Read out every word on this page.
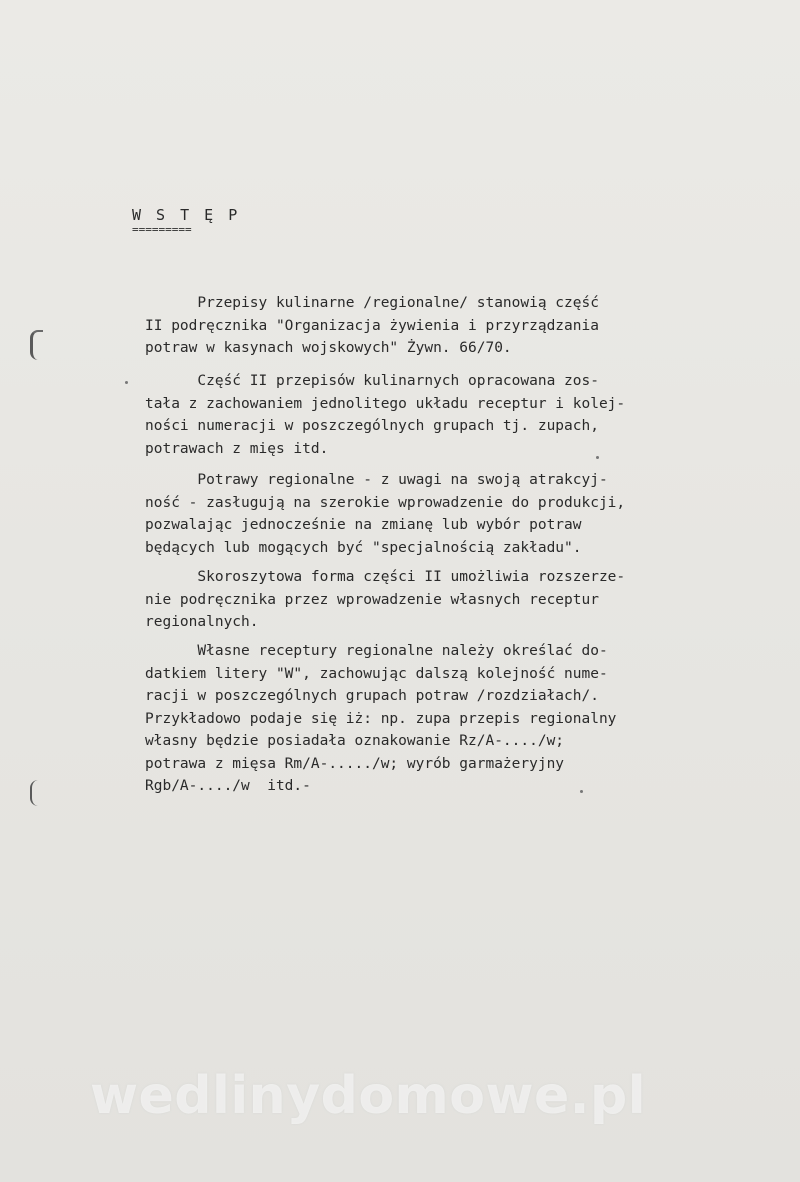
W S T Ę P
=========
Przepisy kulinarne /regionalne/ stanowią część
II podręcznika "Organizacja żywienia i przyrządzania
potraw w kasynach wojskowych" Żywn. 66/70.
Część II przepisów kulinarnych opracowana zos-
tała z zachowaniem jednolitego układu receptur i kolej-
ności numeracji w poszczególnych grupach tj. zupach,
potrawach z mięs itd.
Potrawy regionalne - z uwagi na swoją atrakcyj-
ność - zasługują na szerokie wprowadzenie do produkcji,
pozwalając jednocześnie na zmianę lub wybór potraw
będących lub mogących być "specjalnością zakładu".
Skoroszytowa forma części II umożliwia rozszerze-
nie podręcznika przez wprowadzenie własnych receptur
regionalnych.
Własne receptury regionalne należy określać do-
datkiem litery "W", zachowując dalszą kolejność nume-
racji w poszczególnych grupach potraw /rozdziałach/.
Przykładowo podaje się iż: np. zupa przepis regionalny
własny będzie posiadała oznakowanie Rz/A-..../w;
potrawa z mięsa Rm/A-...../w; wyrób garmażeryjny
Rgb/A-..../w  itd.-
wedlinydomowe.pl
